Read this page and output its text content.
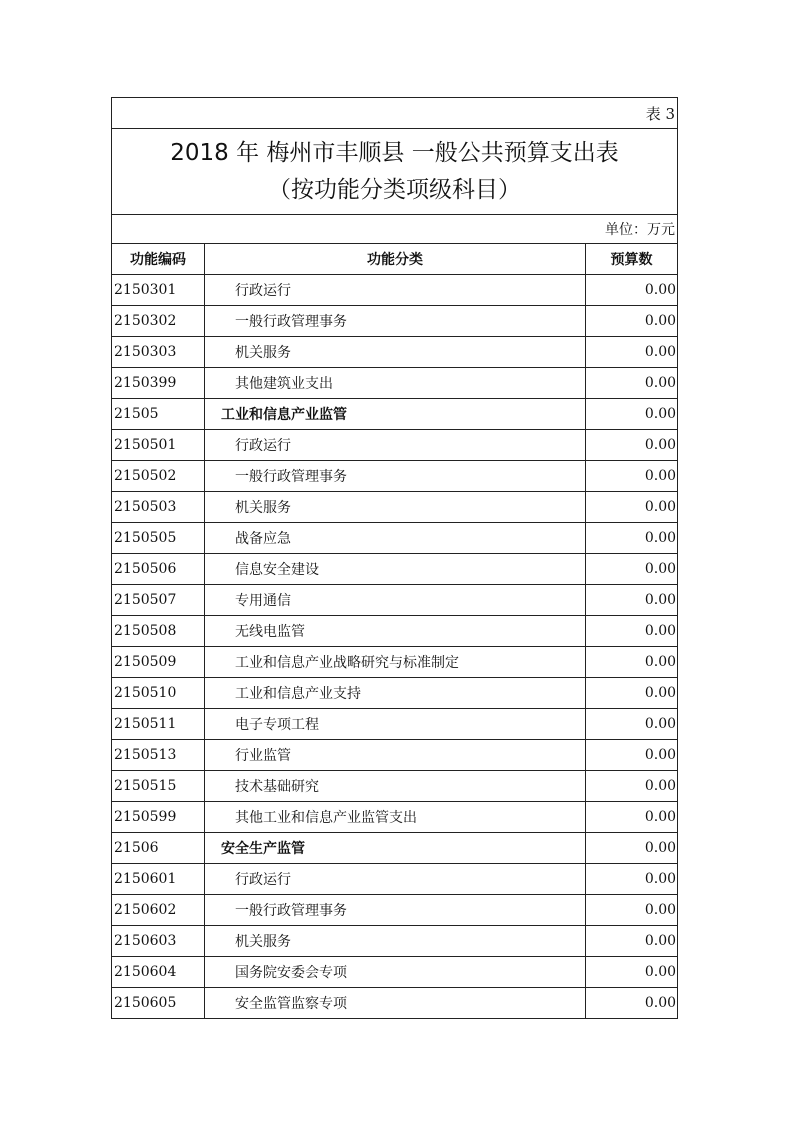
表 3		

2018 年 梅州市丰顺县 一般公共预算支出表
（按功能分类项级科目）		

单位：万元		
功能编码	功能分类	预算数
2150301	行政运行	0.00
2150302	一般行政管理事务	0.00
2150303	机关服务	0.00
2150399	其他建筑业支出	0.00
21505	工业和信息产业监管	0.00
2150501	行政运行	0.00
2150502	一般行政管理事务	0.00
2150503	机关服务	0.00
2150505	战备应急	0.00
2150506	信息安全建设	0.00
2150507	专用通信	0.00
2150508	无线电监管	0.00
2150509	工业和信息产业战略研究与标准制定	0.00
2150510	工业和信息产业支持	0.00
2150511	电子专项工程	0.00
2150513	行业监管	0.00
2150515	技术基础研究	0.00
2150599	其他工业和信息产业监管支出	0.00
21506	安全生产监管	0.00
2150601	行政运行	0.00
2150602	一般行政管理事务	0.00
2150603	机关服务	0.00
2150604	国务院安委会专项	0.00
2150605	安全监管监察专项	0.00
